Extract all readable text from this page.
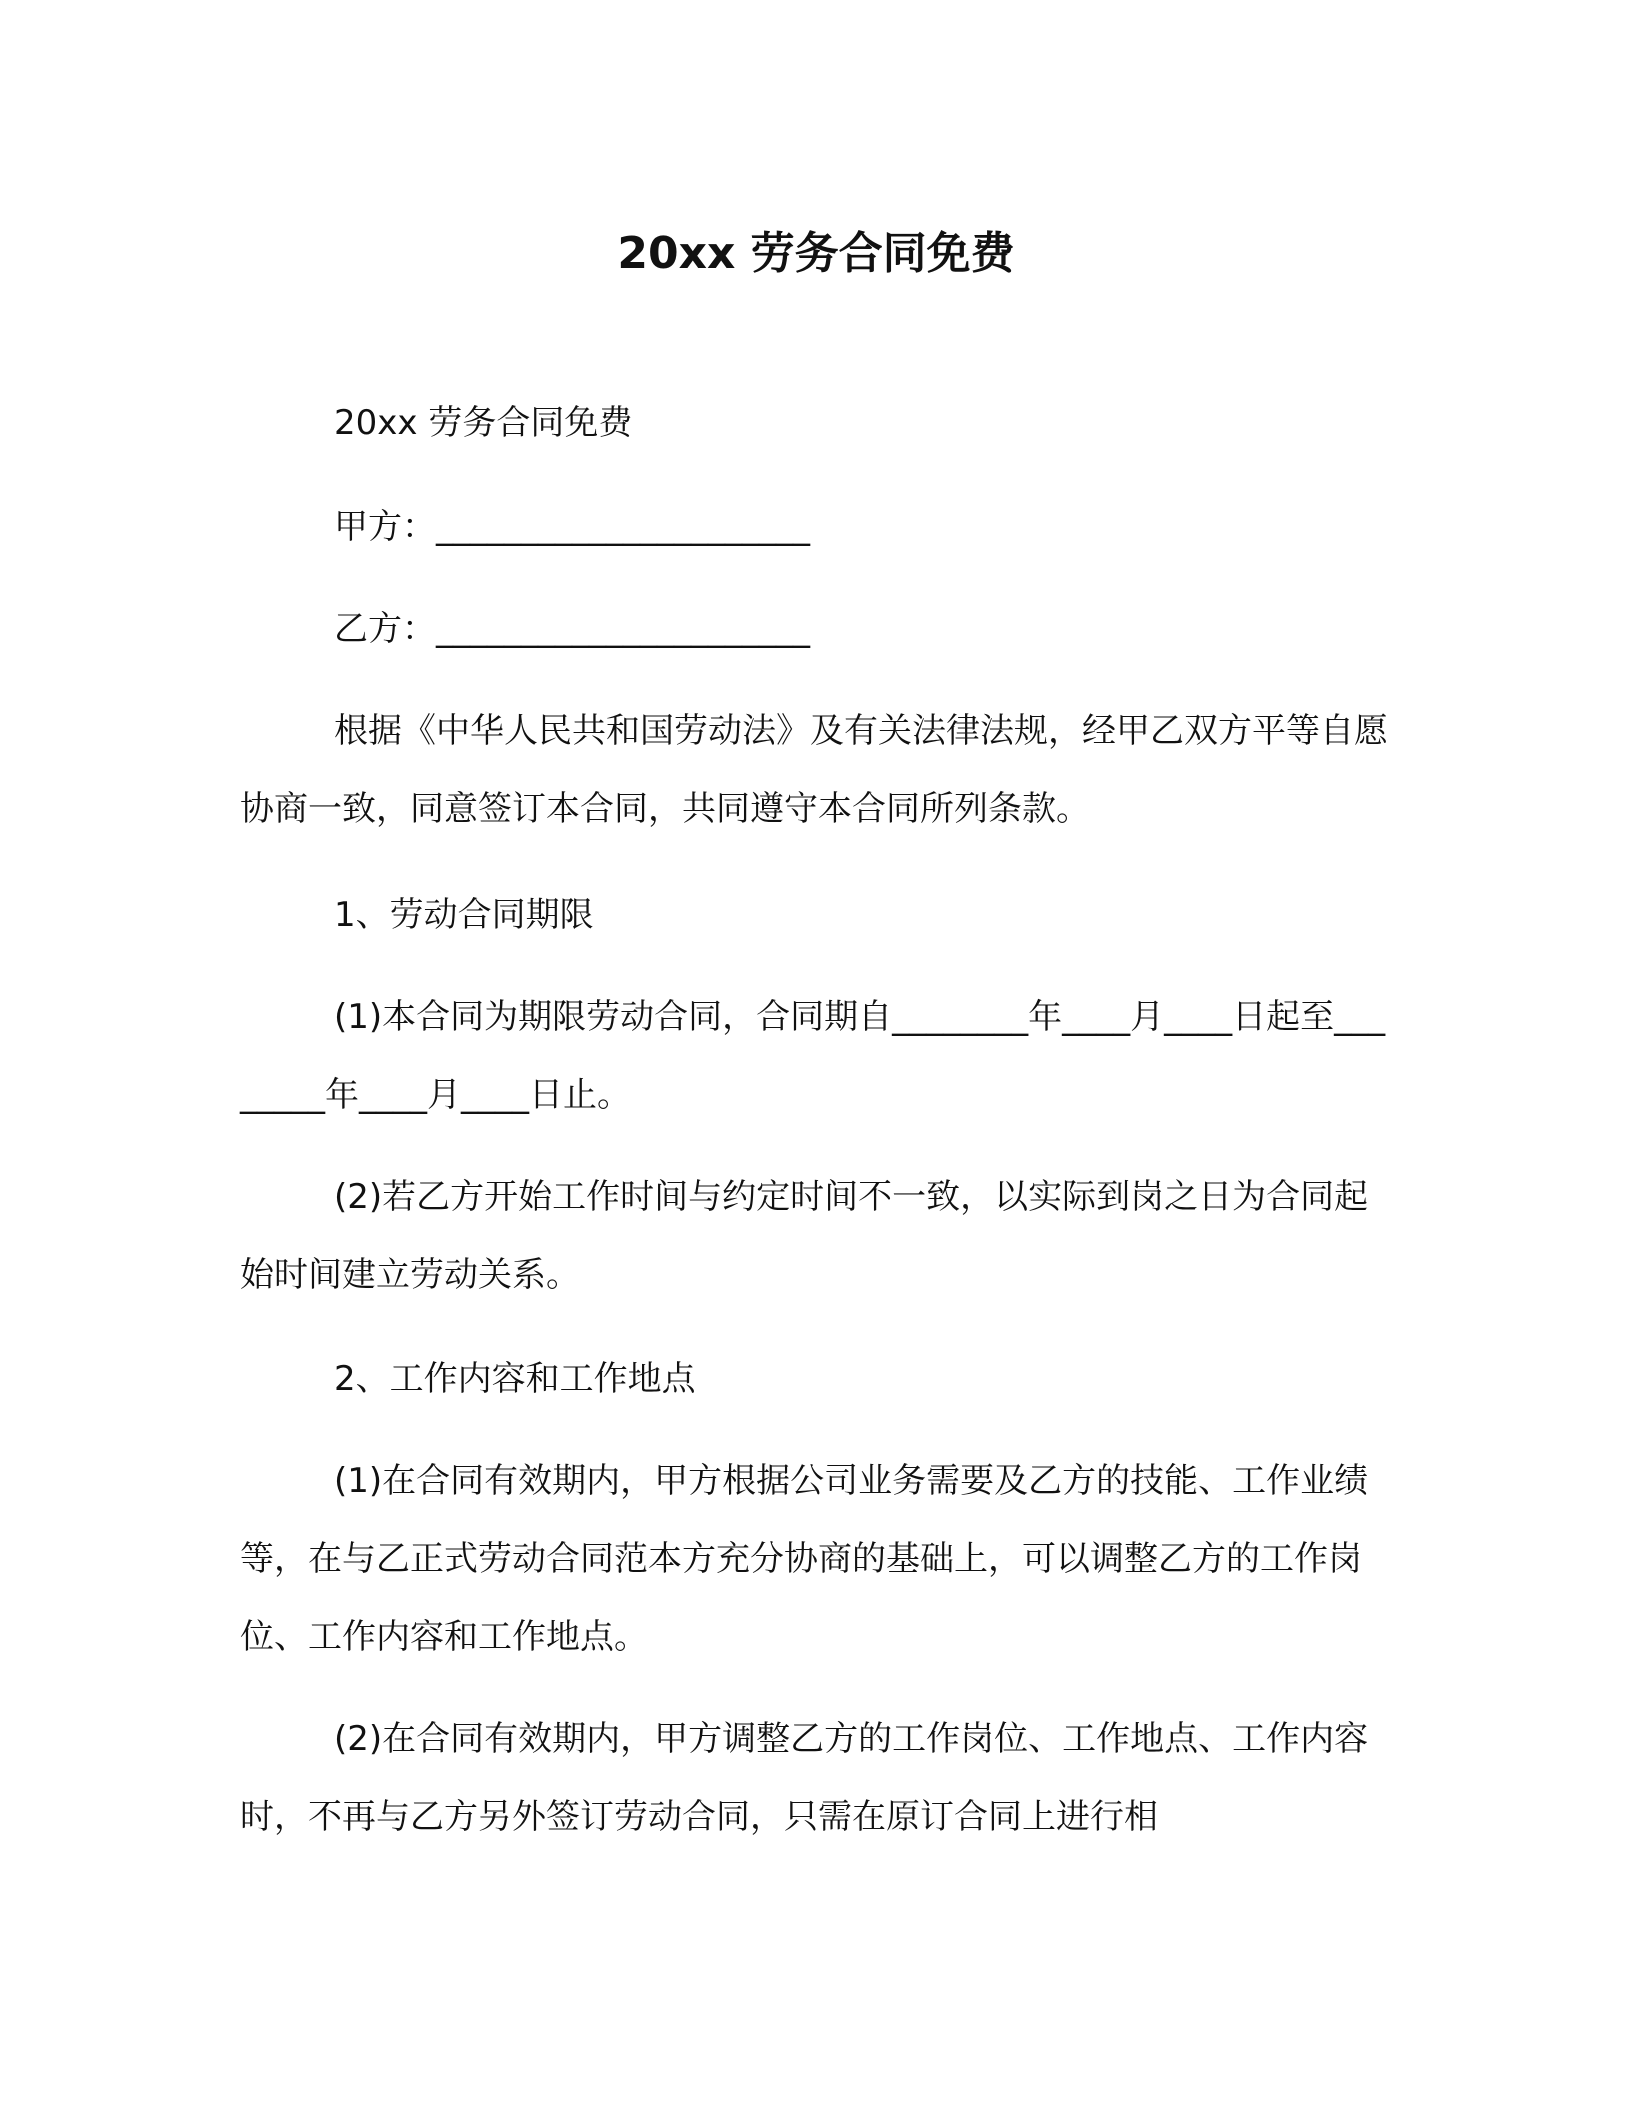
20xx 劳务合同免费

20xx 劳务合同免费

甲方：______________________

乙方：______________________

根据《中华人民共和国劳动法》及有关法律法规，经甲乙双方平等自愿协商一致，同意签订本合同，共同遵守本合同所列条款。

1、劳动合同期限

(1)本合同为期限劳动合同，合同期自________年____月____日起至________年____月____日止。

(2)若乙方开始工作时间与约定时间不一致，以实际到岗之日为合同起始时间建立劳动关系。

2、工作内容和工作地点

(1)在合同有效期内，甲方根据公司业务需要及乙方的技能、工作业绩等，在与乙正式劳动合同范本方充分协商的基础上，可以调整乙方的工作岗位、工作内容和工作地点。

(2)在合同有效期内，甲方调整乙方的工作岗位、工作地点、工作内容时，不再与乙方另外签订劳动合同，只需在原订合同上进行相
